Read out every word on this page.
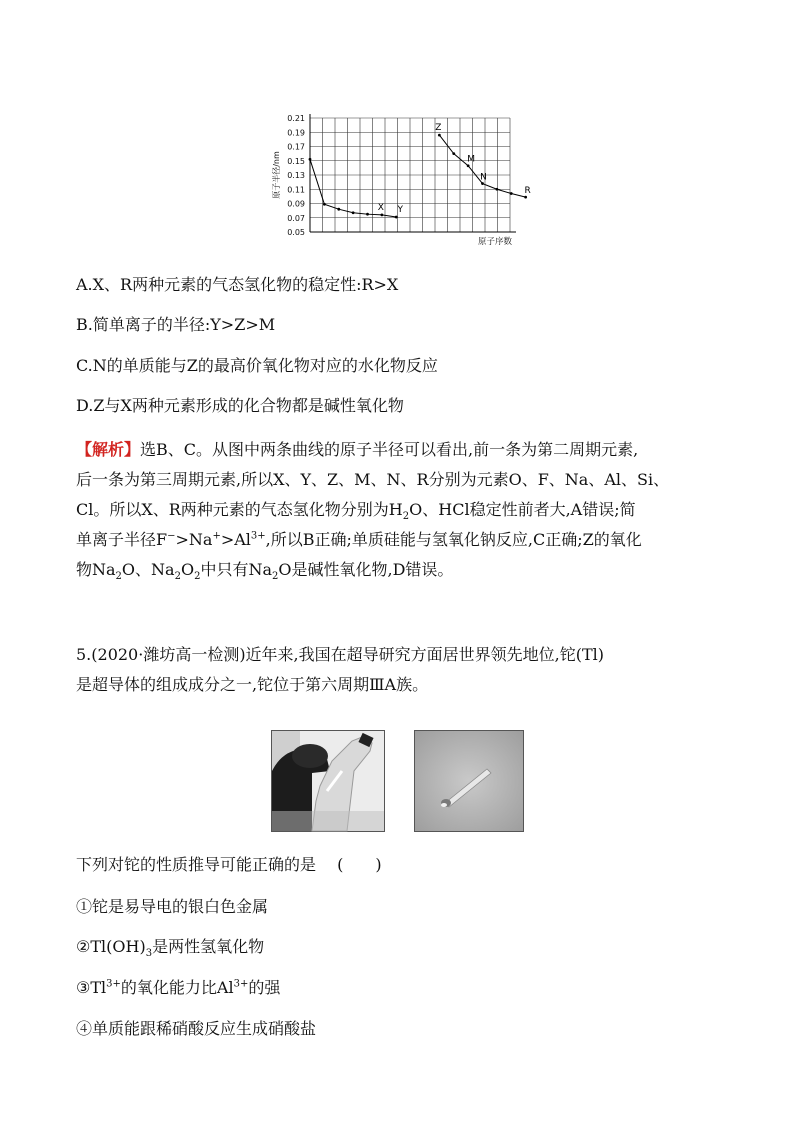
0.21
0.19
0.17
0.15
0.13
0.11
0.09
0.07
0.05
原子半径/nm
原子序数
X Y
Z
M
N
R
A.X、R两种元素的气态氢化物的稳定性:R>X
B.简单离子的半径:Y>Z>M
C.N的单质能与Z的最高价氧化物对应的水化物反应
D.Z与X两种元素形成的化合物都是碱性氧化物

【解析】选B、C。从图中两条曲线的原子半径可以看出,前一条为第二周期元素,

后一条为第三周期元素,所以X、Y、Z、M、N、R分别为元素O、F、Na、Al、Si、

Cl。所以X、R两种元素的气态氢化物分别为$H_2O$、HCl稳定性前者大,A错误;简

单离子半径$F^->Na^+>Al^{3+}$,所以B正确;单质硅能与氢氧化钠反应,C正确;Z的氧化

物$Na_2O$、$Na_2O_2$中只有$Na_2O$是碱性氧化物,D错误。

5.(2020·潍坊高一检测)近年来,我国在超导研究方面居世界领先地位,铊(Tl)

是超导体的组成成分之一,铊位于第六周期ⅢA族。

下列对铊的性质推导可能正确的是　 (　　)
①铊是易导电的银白色金属
$②Tl(OH)_3$是两性氢氧化物
$③Tl^{3+}$的氧化能力比$Al^{3+}$的强
④单质能跟稀硝酸反应生成硝酸盐
